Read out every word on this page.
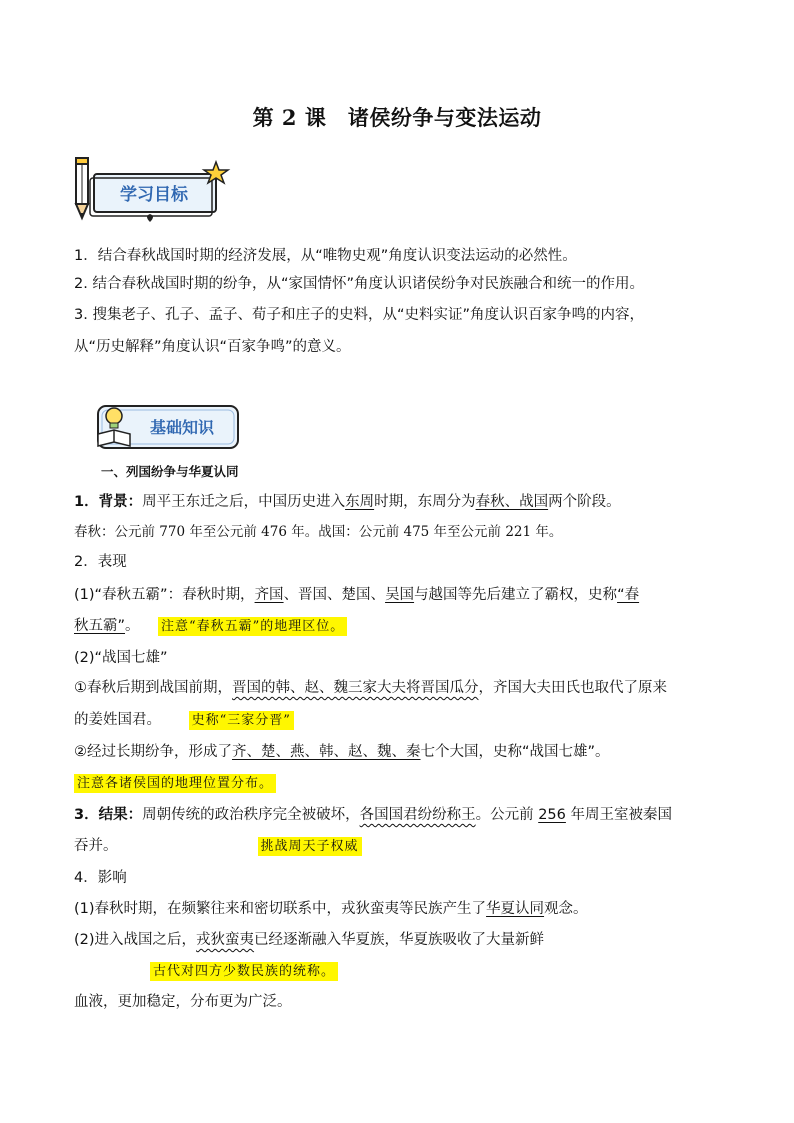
第 2 课　诸侯纷争与变法运动
学习目标
1．结合春秋战国时期的经济发展，从“唯物史观”角度认识变法运动的必然性。
2. 结合春秋战国时期的纷争，从“家国情怀”角度认识诸侯纷争对民族融合和统一的作用。
3. 搜集老子、孔子、孟子、荀子和庄子的史料，从“史料实证”角度认识百家争鸣的内容，
从“历史解释”角度认识“百家争鸣”的意义。
基础知识
一、列国纷争与华夏认同
1．背景：周平王东迁之后，中国历史进入东周时期，东周分为春秋、战国两个阶段。
春秋：公元前 770 年至公元前 476 年。战国：公元前 475 年至公元前 221 年。
2．表现
(1)“春秋五霸”：春秋时期，齐国、晋国、楚国、吴国与越国等先后建立了霸权，史称“春
秋五霸”。 注意“春秋五霸”的地理区位。
(2)“战国七雄”
①春秋后期到战国前期，晋国的韩、赵、魏三家大夫将晋国瓜分，齐国大夫田氏也取代了原来
的姜姓国君。 史称“三家分晋”
②经过长期纷争，形成了齐、楚、燕、韩、赵、魏、秦七个大国，史称“战国七雄”。
注意各诸侯国的地理位置分布。
3．结果：周朝传统的政治秩序完全被破坏，各国国君纷纷称王。公元前 256 年周王室被秦国
吞并。	挑战周天子权威
4．影响
(1)春秋时期，在频繁往来和密切联系中，戎狄蛮夷等民族产生了华夏认同观念。
(2)进入战国之后，戎狄蛮夷已经逐渐融入华夏族，华夏族吸收了大量新鲜
古代对四方少数民族的统称。
血液，更加稳定，分布更为广泛。
